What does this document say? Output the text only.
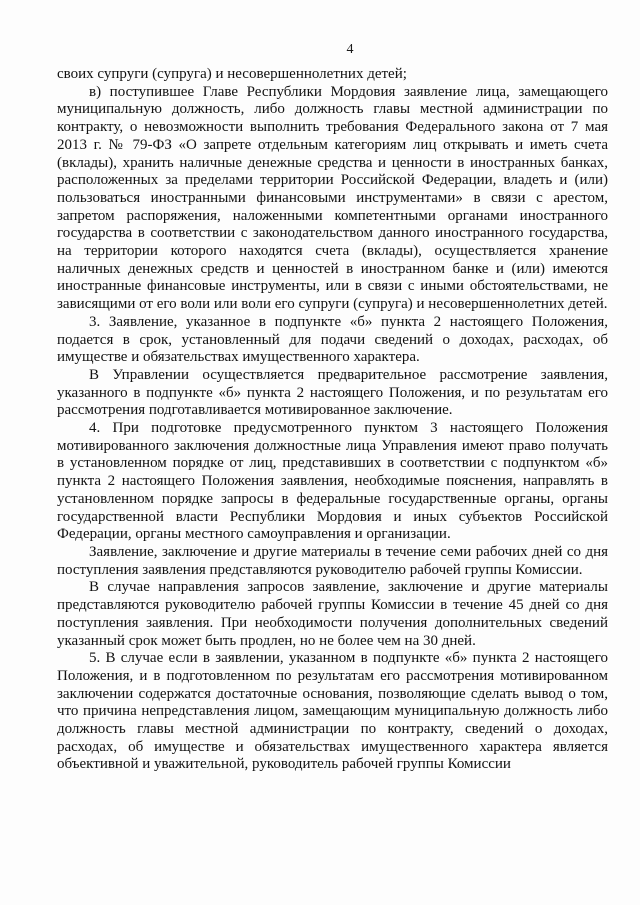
4

своих супруги (супруга) и несовершеннолетних детей;

в) поступившее Главе Республики Мордовия заявление лица, замещающего муниципальную должность, либо должность главы местной администрации по контракту, о невозможности выполнить требования Федерального закона от 7 мая 2013 г. № 79-ФЗ «О запрете отдельным категориям лиц открывать и иметь счета (вклады), хранить наличные денежные средства и ценности в иностранных банках, расположенных за пределами территории Российской Федерации, владеть и (или) пользоваться иностранными финансовыми инструментами» в связи с арестом, запретом распоряжения, наложенными компетентными органами иностранного государства в соответствии с законодательством данного иностранного государства, на территории которого находятся счета (вклады), осуществляется хранение наличных денежных средств и ценностей в иностранном банке и (или) имеются иностранные финансовые инструменты, или в связи с иными обстоятельствами, не зависящими от его воли или воли его супруги (супруга) и несовершеннолетних детей.

3. Заявление, указанное в подпункте «б» пункта 2 настоящего Положения, подается в срок, установленный для подачи сведений о доходах, расходах, об имуществе и обязательствах имущественного характера.

В Управлении осуществляется предварительное рассмотрение заявления, указанного в подпункте «б» пункта 2 настоящего Положения, и по результатам его рассмотрения подготавливается мотивированное заключение.

4. При подготовке предусмотренного пунктом 3 настоящего Положения мотивированного заключения должностные лица Управления имеют право получать в установленном порядке от лиц, представивших в соответствии с подпунктом «б» пункта 2 настоящего Положения заявления, необходимые пояснения, направлять в установленном порядке запросы в федеральные государственные органы, органы государственной власти Республики Мордовия и иных субъектов Российской Федерации, органы местного самоуправления и организации.

Заявление, заключение и другие материалы в течение семи рабочих дней со дня поступления заявления представляются руководителю рабочей группы Комиссии.

В случае направления запросов заявление, заключение и другие материалы представляются руководителю рабочей группы Комиссии в течение 45 дней со дня поступления заявления. При необходимости получения дополнительных сведений указанный срок может быть продлен, но не более чем на 30 дней.

5. В случае если в заявлении, указанном в подпункте «б» пункта 2 настоящего Положения, и в подготовленном по результатам его рассмотрения мотивированном заключении содержатся достаточные основания, позволяющие сделать вывод о том, что причина непредставления лицом, замещающим муниципальную должность либо должность главы местной администрации по контракту, сведений о доходах, расходах, об имуществе и обязательствах имущественного характера является объективной и уважительной, руководитель рабочей группы Комиссии
